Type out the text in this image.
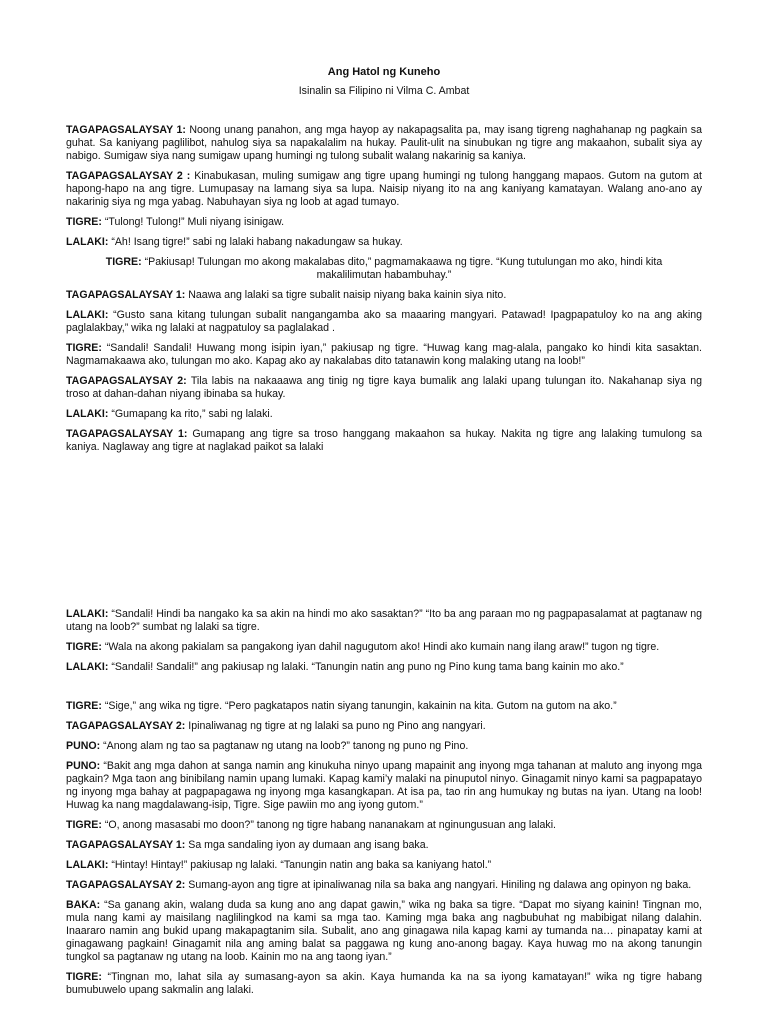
Ang Hatol ng Kuneho
Isinalin sa Filipino ni Vilma C. Ambat

TAGAPAGSALAYSAY 1: Noong unang panahon, ang mga hayop ay nakapagsalita pa, may isang tigreng naghahanap ng pagkain sa guhat. Sa kaniyang paglilibot, nahulog siya sa napakalalim na hukay. Paulit-ulit na sinubukan ng tigre ang makaahon, subalit siya ay nabigo. Sumigaw siya nang sumigaw upang humingi ng tulong subalit walang nakarinig sa kaniya.

TAGAPAGSALAYSAY 2 : Kinabukasan, muling sumigaw ang tigre upang humingi ng tulong hanggang mapaos. Gutom na gutom at hapong-hapo na ang tigre. Lumupasay na lamang siya sa lupa. Naisip niyang ito na ang kaniyang kamatayan. Walang ano-ano ay nakarinig siya ng mga yabag. Nabuhayan siya ng loob at agad tumayo.

TIGRE: “Tulong! Tulong!” Muli niyang isinigaw.

LALAKI: “Ah! Isang tigre!” sabi ng lalaki habang nakadungaw sa hukay.

TIGRE: “Pakiusap! Tulungan mo akong makalabas dito,” pagmamakaawa ng tigre. “Kung tutulungan mo ako, hindi kita makalilimutan habambuhay.”

TAGAPAGSALAYSAY 1: Naawa ang lalaki sa tigre subalit naisip niyang baka kainin siya nito.

LALAKI: “Gusto sana kitang tulungan subalit nangangamba ako sa maaaring mangyari. Patawad! Ipagpapatuloy ko na ang aking paglalakbay,” wika ng lalaki at nagpatuloy sa paglalakad .

TIGRE: “Sandali! Sandali! Huwang mong isipin iyan,” pakiusap ng tigre. “Huwag kang mag-alala, pangako ko hindi kita sasaktan. Nagmamakaawa ako, tulungan mo ako. Kapag ako ay nakalabas dito tatanawin kong malaking utang na loob!”

TAGAPAGSALAYSAY 2: Tila labis na nakaaawa ang tinig ng tigre kaya bumalik ang lalaki upang tulungan ito. Nakahanap siya ng troso at dahan-dahan niyang ibinaba sa hukay.

LALAKI: “Gumapang ka rito,” sabi ng lalaki.

TAGAPAGSALAYSAY 1: Gumapang ang tigre sa troso hanggang makaahon sa hukay. Nakita ng tigre ang lalaking tumulong sa kaniya. Naglaway ang tigre at naglakad paikot sa lalaki

LALAKI: “Sandali! Hindi ba nangako ka sa akin na hindi mo ako sasaktan?” “Ito ba ang paraan mo ng pagpapasalamat at pagtanaw ng utang na loob?” sumbat ng lalaki sa tigre.

TIGRE: “Wala na akong pakialam sa pangakong iyan dahil nagugutom ako! Hindi ako kumain nang ilang araw!” tugon ng tigre.

LALAKI: “Sandali! Sandali!” ang pakiusap ng lalaki. “Tanungin natin ang puno ng Pino kung tama bang kainin mo ako.”

TIGRE: “Sige,” ang wika ng tigre. “Pero pagkatapos natin siyang tanungin, kakainin na kita. Gutom na gutom na ako.”

TAGAPAGSALAYSAY 2: Ipinaliwanag ng tigre at ng lalaki sa puno ng Pino ang nangyari.

PUNO: “Anong alam ng tao sa pagtanaw ng utang na loob?” tanong ng puno ng Pino.

PUNO: “Bakit ang mga dahon at sanga namin ang kinukuha ninyo upang mapainit ang inyong mga tahanan at maluto ang inyong mga pagkain? Mga taon ang binibilang namin upang lumaki. Kapag kami’y malaki na pinuputol ninyo. Ginagamit ninyo kami sa pagpapatayo ng inyong mga bahay at pagpapagawa ng inyong mga kasangkapan. At isa pa, tao rin ang humukay ng butas na iyan. Utang na loob! Huwag ka nang magdalawang-isip, Tigre. Sige pawiin mo ang iyong gutom.”

TIGRE: “O, anong masasabi mo doon?” tanong ng tigre habang nananakam at nginungusuan ang lalaki.

TAGAPAGSALAYSAY 1: Sa mga sandaling iyon ay dumaan ang isang baka.

LALAKI: “Hintay! Hintay!” pakiusap ng lalaki. “Tanungin natin ang baka sa kaniyang hatol.”

TAGAPAGSALAYSAY 2: Sumang-ayon ang tigre at ipinaliwanag nila sa baka ang nangyari. Hiniling ng dalawa ang opinyon ng baka.

BAKA: “Sa ganang akin, walang duda sa kung ano ang dapat gawin,” wika ng baka sa tigre. “Dapat mo siyang kainin! Tingnan mo, mula nang kami ay maisilang naglilingkod na kami sa mga tao. Kaming mga baka ang nagbubuhat ng mabibigat nilang dalahin. Inaararo namin ang bukid upang makapagtanim sila. Subalit, ano ang ginagawa nila kapag kami ay tumanda na… pinapatay kami at ginagawang pagkain! Ginagamit nila ang aming balat sa paggawa ng kung ano-anong bagay. Kaya huwag mo na akong tanungin tungkol sa pagtanaw ng utang na loob. Kainin mo na ang taong iyan.”

TIGRE: “Tingnan mo, lahat sila ay sumasang-ayon sa akin. Kaya humanda ka na sa iyong kamatayan!” wika ng tigre habang bumubuwelo upang sakmalin ang lalaki.
